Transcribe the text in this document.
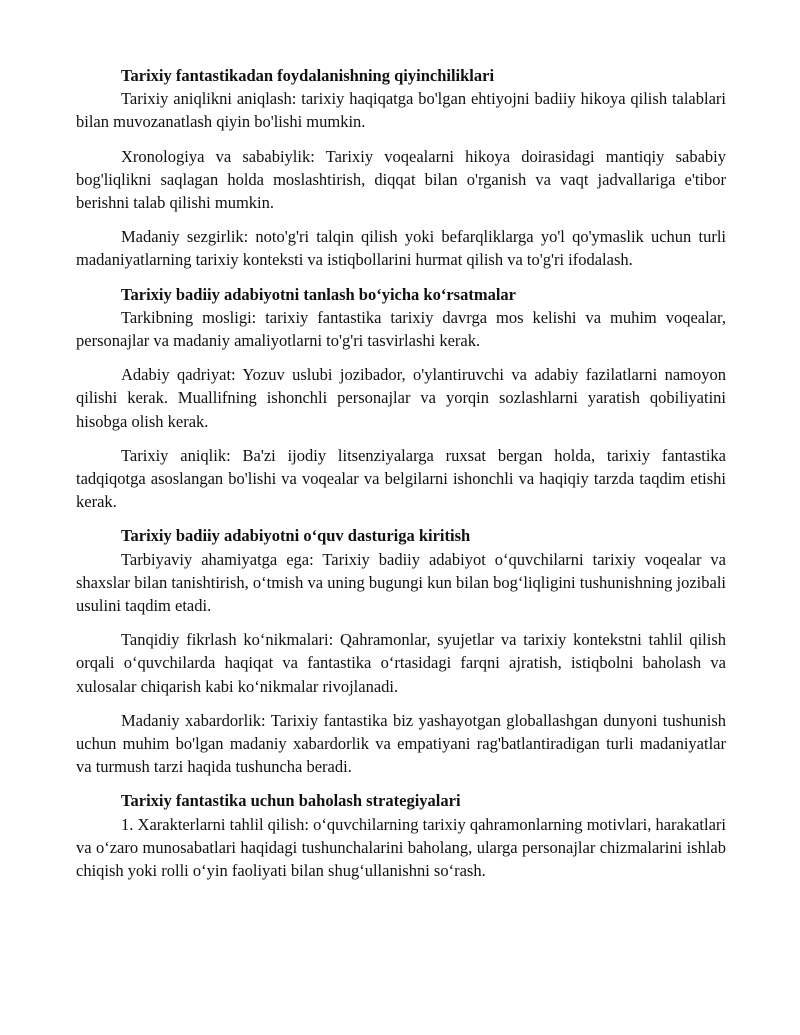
Tarixiy fantastikadan foydalanishning qiyinchiliklari

Tarixiy aniqlikni aniqlash: tarixiy haqiqatga bo'lgan ehtiyojni badiiy hikoya qilish talablari bilan muvozanatlash qiyin bo'lishi mumkin.

Xronologiya va sababiylik: Tarixiy voqealarni hikoya doirasidagi mantiqiy sababiy bog'liqlikni saqlagan holda moslashtirish, diqqat bilan o'rganish va vaqt jadvallariga e'tibor berishni talab qilishi mumkin.

Madaniy sezgirlik: noto'g'ri talqin qilish yoki befarqliklarga yo'l qo'ymaslik uchun turli madaniyatlarning tarixiy konteksti va istiqbollarini hurmat qilish va to'g'ri ifodalash.

Tarixiy badiiy adabiyotni tanlash bo‘yicha ko‘rsatmalar

Tarkibning mosligi: tarixiy fantastika tarixiy davrga mos kelishi va muhim voqealar, personajlar va madaniy amaliyotlarni to'g'ri tasvirlashi kerak.

Adabiy qadriyat: Yozuv uslubi jozibador, o'ylantiruvchi va adabiy fazilatlarni namoyon qilishi kerak. Muallifning ishonchli personajlar va yorqin sozlashlarni yaratish qobiliyatini hisobga olish kerak.

Tarixiy aniqlik: Ba'zi ijodiy litsenziyalarga ruxsat bergan holda, tarixiy fantastika tadqiqotga asoslangan bo'lishi va voqealar va belgilarni ishonchli va haqiqiy tarzda taqdim etishi kerak.

Tarixiy badiiy adabiyotni o‘quv dasturiga kiritish

Tarbiyaviy ahamiyatga ega: Tarixiy badiiy adabiyot o‘quvchilarni tarixiy voqealar va shaxslar bilan tanishtirish, o‘tmish va uning bugungi kun bilan bog‘liqligini tushunishning jozibali usulini taqdim etadi.

Tanqidiy fikrlash ko‘nikmalari: Qahramonlar, syujetlar va tarixiy kontekstni tahlil qilish orqali o‘quvchilarda haqiqat va fantastika o‘rtasidagi farqni ajratish, istiqbolni baholash va xulosalar chiqarish kabi ko‘nikmalar rivojlanadi.

Madaniy xabardorlik: Tarixiy fantastika biz yashayotgan globallashgan dunyoni tushunish uchun muhim bo'lgan madaniy xabardorlik va empatiyani rag'batlantiradigan turli madaniyatlar va turmush tarzi haqida tushuncha beradi.

Tarixiy fantastika uchun baholash strategiyalari

1. Xarakterlarni tahlil qilish: o‘quvchilarning tarixiy qahramonlarning motivlari, harakatlari va o‘zaro munosabatlari haqidagi tushunchalarini baholang, ularga personajlar chizmalarini ishlab chiqish yoki rolli o‘yin faoliyati bilan shug‘ullanishni so‘rash.
